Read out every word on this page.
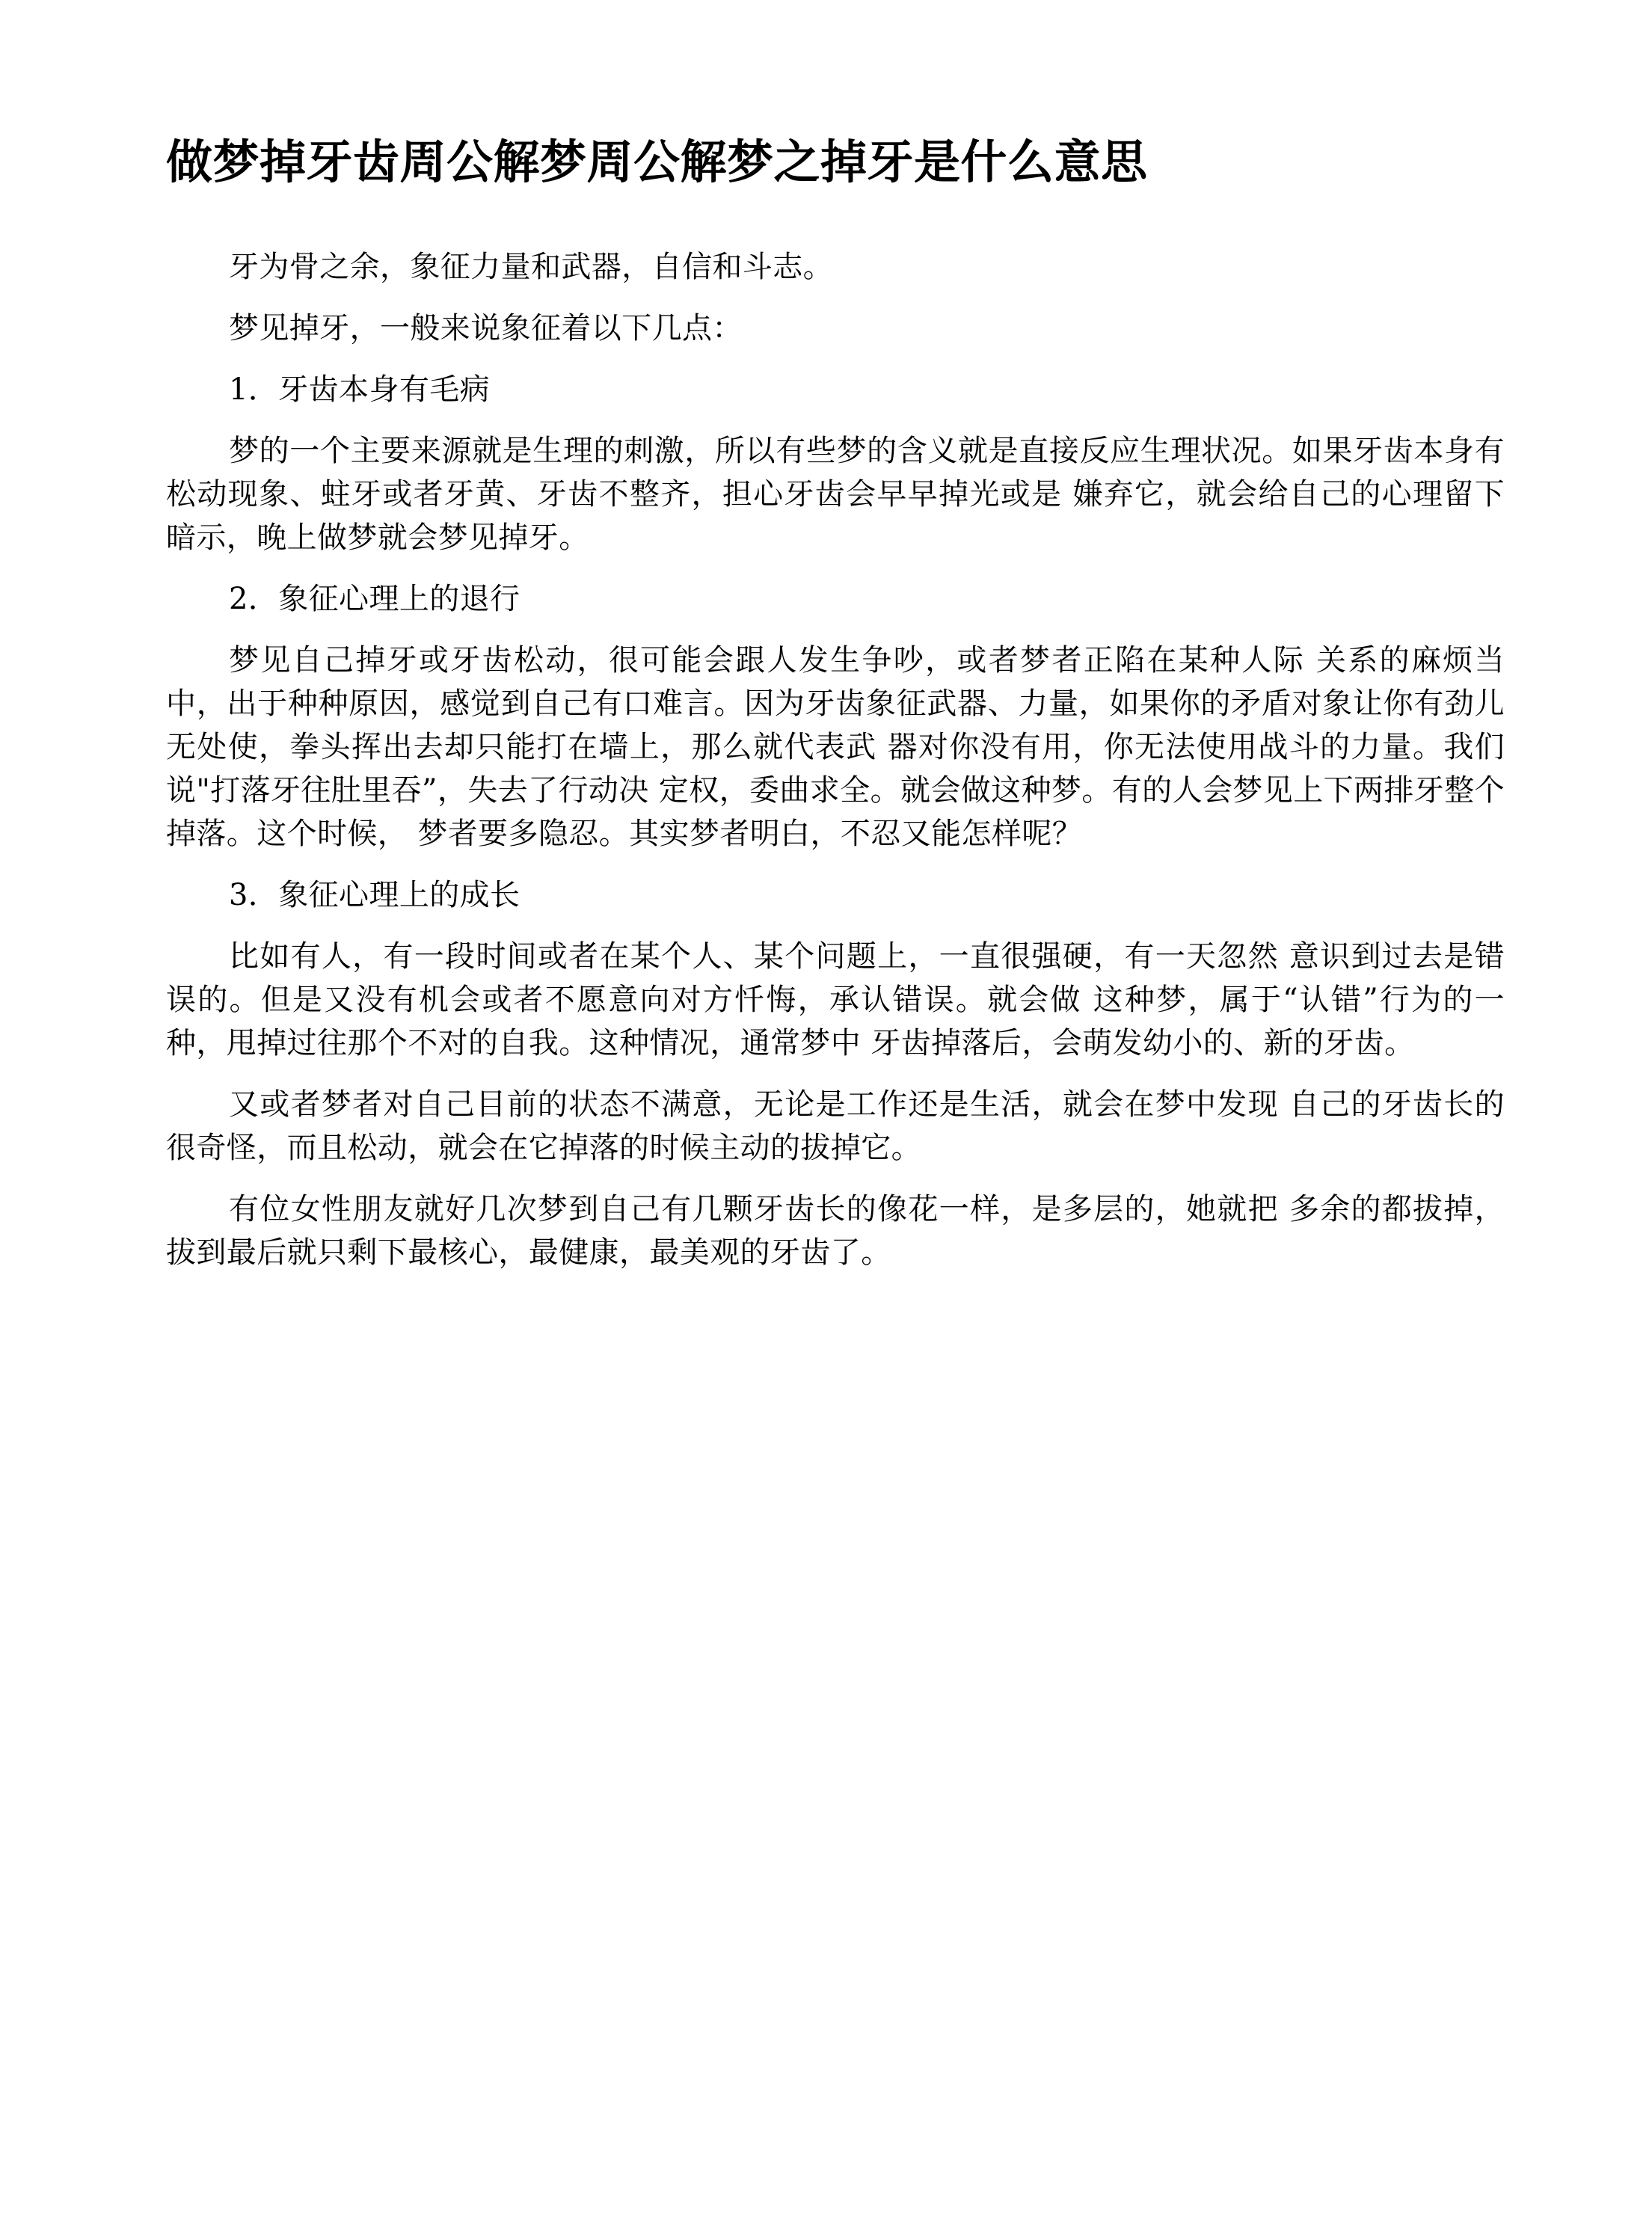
做梦掉牙齿周公解梦周公解梦之掉牙是什么意思

牙为骨之余，象征力量和武器，自信和斗志。

梦见掉牙，一般来说象征着以下几点：

1．牙齿本身有毛病

梦的一个主要来源就是生理的刺激，所以有些梦的含义就是直接反应生理状况。如果牙齿本身有松动现象、蛀牙或者牙黄、牙齿不整齐，担心牙齿会早早掉光或是 嫌弃它，就会给自己的心理留下暗示，晚上做梦就会梦见掉牙。

2．象征心理上的退行

梦见自己掉牙或牙齿松动，很可能会跟人发生争吵，或者梦者正陷在某种人际 关系的麻烦当中，出于种种原因，感觉到自己有口难言。因为牙齿象征武器、力量，如果你的矛盾对象让你有劲儿无处使，拳头挥出去却只能打在墙上，那么就代表武 器对你没有用，你无法使用战斗的力量。我们说"打落牙往肚里吞”，失去了行动决 定权，委曲求全。就会做这种梦。有的人会梦见上下两排牙整个掉落。这个时候， 梦者要多隐忍。其实梦者明白，不忍又能怎样呢？

3．象征心理上的成长

比如有人，有一段时间或者在某个人、某个问题上，一直很强硬，有一天忽然 意识到过去是错误的。但是又没有机会或者不愿意向对方忏悔，承认错误。就会做 这种梦，属于“认错”行为的一种，甩掉过往那个不对的自我。这种情况，通常梦中 牙齿掉落后，会萌发幼小的、新的牙齿。

又或者梦者对自己目前的状态不满意，无论是工作还是生活，就会在梦中发现 自己的牙齿长的很奇怪，而且松动，就会在它掉落的时候主动的拔掉它。

有位女性朋友就好几次梦到自己有几颗牙齿长的像花一样，是多层的，她就把 多余的都拔掉，拔到最后就只剩下最核心，最健康，最美观的牙齿了。
